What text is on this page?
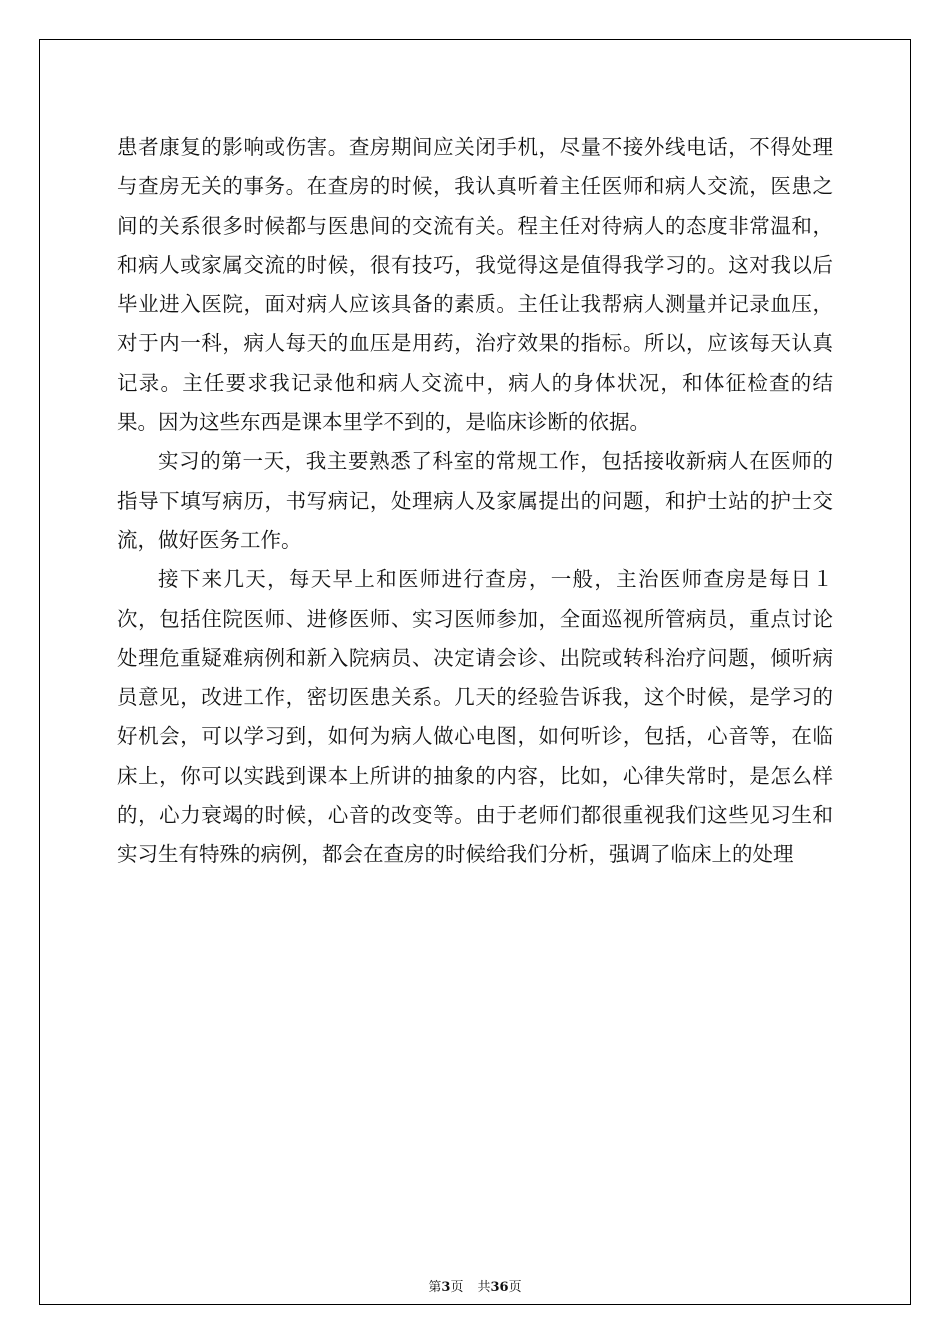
患者康复的影响或伤害。查房期间应关闭手机，尽量不接外线电话，不得处理与查房无关的事务。在查房的时候，我认真听着主任医师和病人交流，医患之间的关系很多时候都与医患间的交流有关。程主任对待病人的态度非常温和，和病人或家属交流的时候，很有技巧，我觉得这是值得我学习的。这对我以后毕业进入医院，面对病人应该具备的素质。主任让我帮病人测量并记录血压，对于内一科，病人每天的血压是用药，治疗效果的指标。所以，应该每天认真记录。主任要求我记录他和病人交流中，病人的身体状况，和体征检查的结果。因为这些东西是课本里学不到的，是临床诊断的依据。

实习的第一天，我主要熟悉了科室的常规工作，包括接收新病人在医师的指导下填写病历，书写病记，处理病人及家属提出的问题，和护士站的护士交流，做好医务工作。

接下来几天，每天早上和医师进行查房，一般，主治医师查房是每日１次，包括住院医师、进修医师、实习医师参加，全面巡视所管病员，重点讨论处理危重疑难病例和新入院病员、决定请会诊、出院或转科治疗问题，倾听病员意见，改进工作，密切医患关系。几天的经验告诉我，这个时候，是学习的好机会，可以学习到，如何为病人做心电图，如何听诊，包括，心音等，在临床上，你可以实践到课本上所讲的抽象的内容，比如，心律失常时，是怎么样的，心力衰竭的时候，心音的改变等。由于老师们都很重视我们这些见习生和实习生有特殊的病例，都会在查房的时候给我们分析，强调了临床上的处理

第3页 共36页
